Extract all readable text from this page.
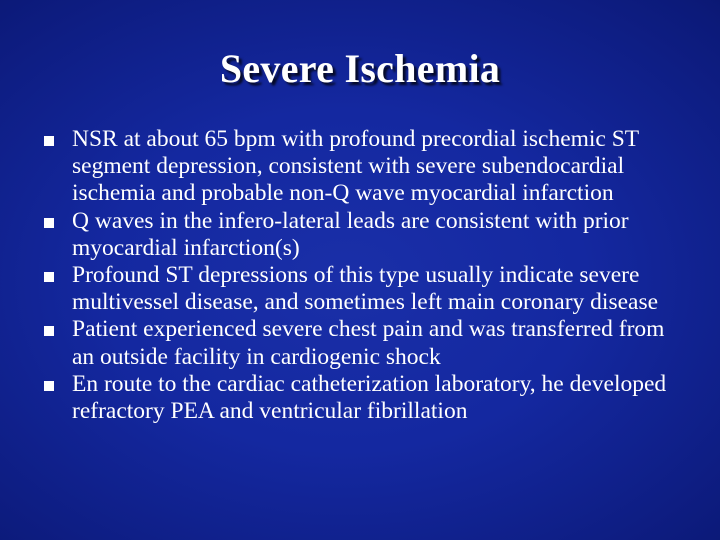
Severe Ischemia
NSR at about 65 bpm with profound precordial ischemic ST segment depression, consistent with severe subendocardial ischemia and probable non-Q wave myocardial infarction
Q waves in the infero-lateral leads are consistent with prior myocardial infarction(s)
Profound ST depressions of this type usually indicate severe multivessel disease, and sometimes left main coronary disease
Patient experienced severe chest pain and was transferred from an outside facility in cardiogenic shock
En route to the cardiac catheterization laboratory, he developed refractory PEA and ventricular fibrillation
